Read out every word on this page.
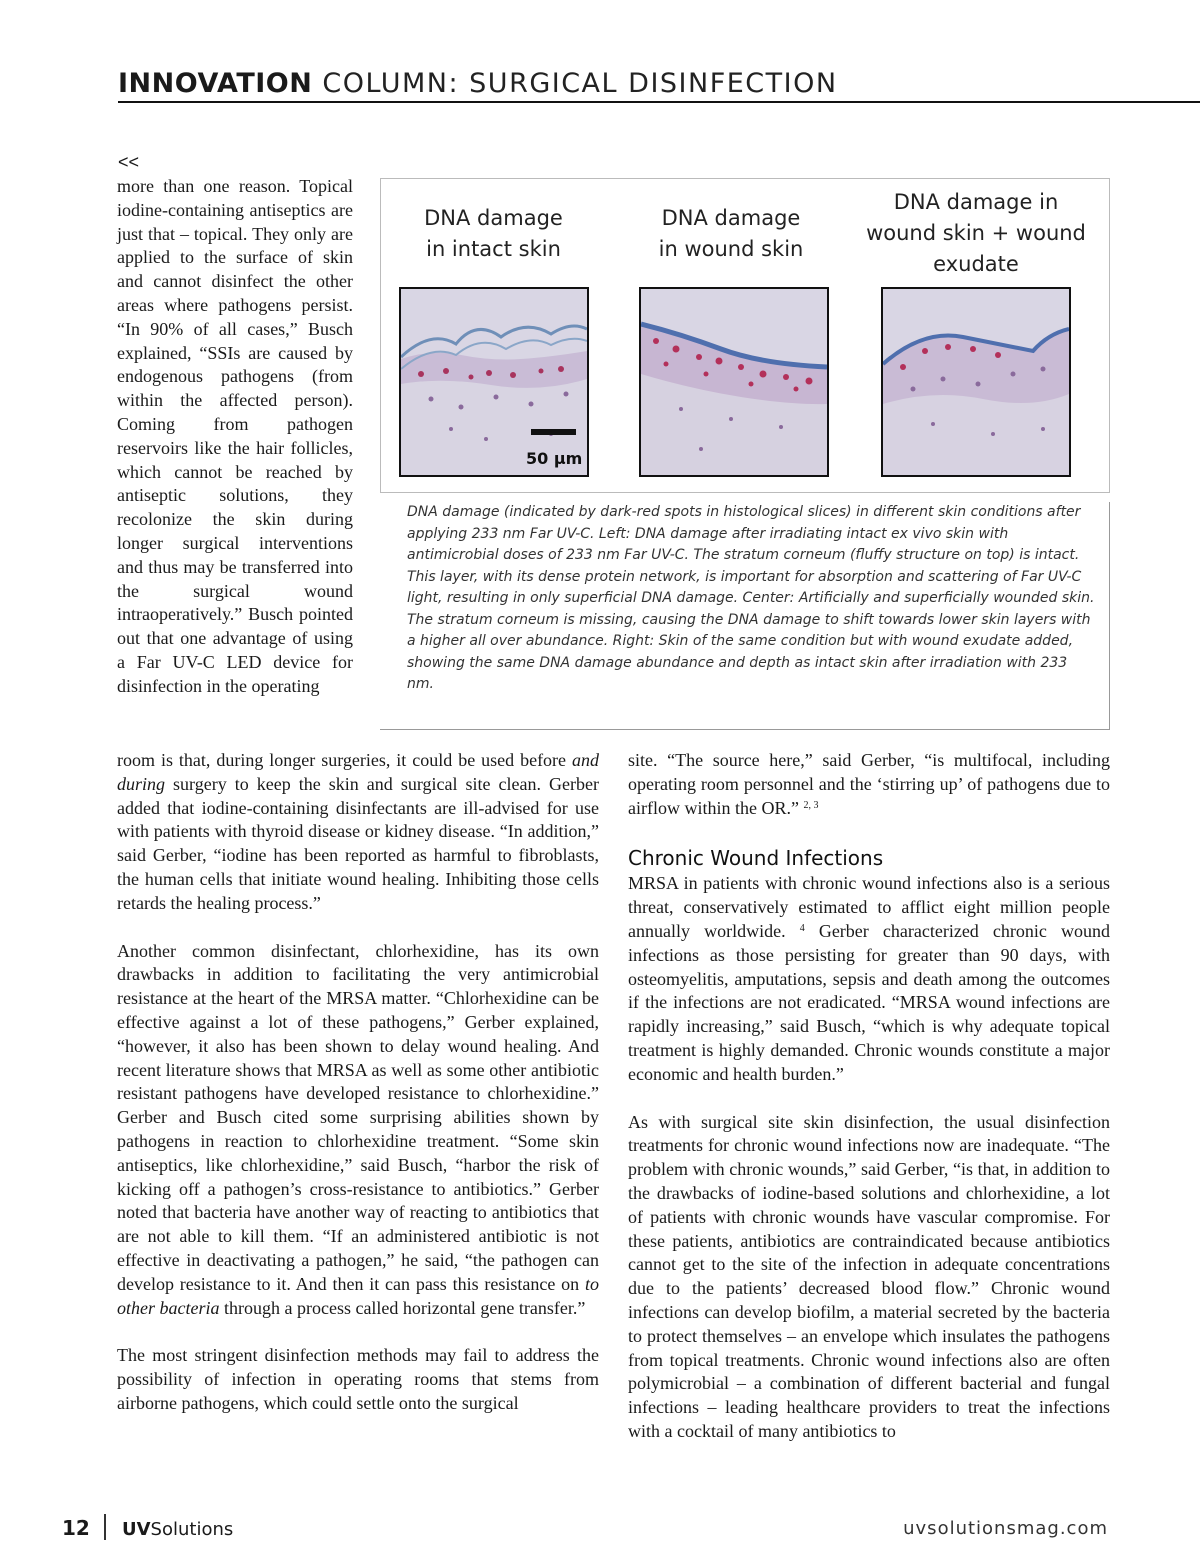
INNOVATION COLUMN: SURGICAL DISINFECTION
<<

more than one reason. Topical iodine-containing antiseptics are just that – topical. They only are applied to the surface of skin and cannot disinfect the other areas where pathogens persist. “In 90% of all cases,” Busch explained, “SSIs are caused by endogenous pathogens (from within the affected person). Coming from pathogen reservoirs like the hair follicles, which cannot be reached by antiseptic solutions, they recolonize the skin during longer surgical interventions and thus may be transferred into the surgical wound intraoperatively.” Busch pointed out that one advantage of using a Far UV-C LED device for disinfection in the operating

DNA damage
in intact skin
DNA damage
in wound skin
DNA damage in
wound skin + wound
exudate
50 µm
DNA damage (indicated by dark-red spots in histological slices) in different skin conditions after applying 233 nm Far UV-C. Left: DNA damage after irradiating intact ex vivo skin with antimicrobial doses of 233 nm Far UV-C. The stratum corneum (fluffy structure on top) is intact. This layer, with its dense protein network, is important for absorption and scattering of Far UV-C light, resulting in only superficial DNA damage. Center: Artificially and superficially wounded skin. The stratum corneum is missing, causing the DNA damage to shift towards lower skin layers with a higher all over abundance. Right: Skin of the same condition but with wound exudate added, showing the same DNA damage abundance and depth as intact skin after irradiation with 233 nm.

room is that, during longer surgeries, it could be used before and during surgery to keep the skin and surgical site clean. Gerber added that iodine-containing disinfectants are ill-advised for use with patients with thyroid disease or kidney disease. “In addition,” said Gerber, “iodine has been reported as harmful to fibroblasts, the human cells that initiate wound healing. Inhibiting those cells retards the healing process.”

Another common disinfectant, chlorhexidine, has its own drawbacks in addition to facilitating the very antimicrobial resistance at the heart of the MRSA matter. “Chlorhexidine can be effective against a lot of these pathogens,” Gerber explained, “however, it also has been shown to delay wound healing. And recent literature shows that MRSA as well as some other antibiotic resistant pathogens have developed resistance to chlorhexidine.” Gerber and Busch cited some surprising abilities shown by pathogens in reaction to chlorhexidine treatment. “Some skin antiseptics, like chlorhexidine,” said Busch, “harbor the risk of kicking off a pathogen’s cross-resistance to antibiotics.” Gerber noted that bacteria have another way of reacting to antibiotics that are not able to kill them. “If an administered antibiotic is not effective in deactivating a pathogen,” he said, “the pathogen can develop resistance to it. And then it can pass this resistance on to other bacteria through a process called horizontal gene transfer.”

The most stringent disinfection methods may fail to address the possibility of infection in operating rooms that stems from airborne pathogens, which could settle onto the surgical

site. “The source here,” said Gerber, “is multifocal, including operating room personnel and the ‘stirring up’ of pathogens due to airflow within the OR.” $^{2, 3}$

Chronic Wound Infections

MRSA in patients with chronic wound infections also is a serious threat, conservatively estimated to afflict eight million people annually worldwide. $^4$ Gerber characterized chronic wound infections as those persisting for greater than 90 days, with osteomyelitis, amputations, sepsis and death among the outcomes if the infections are not eradicated. “MRSA wound infections are rapidly increasing,” said Busch, “which is why adequate topical treatment is highly demanded. Chronic wounds constitute a major economic and health burden.”

As with surgical site skin disinfection, the usual disinfection treatments for chronic wound infections now are inadequate. “The problem with chronic wounds,” said Gerber, “is that, in addition to the drawbacks of iodine-based solutions and chlorhexidine, a lot of patients with chronic wounds have vascular compromise. For these patients, antibiotics are contraindicated because antibiotics cannot get to the site of the infection in adequate concentrations due to the patients’ decreased blood flow.” Chronic wound infections can develop biofilm, a material secreted by the bacteria to protect themselves – an envelope which insulates the pathogens from topical treatments. Chronic wound infections also are often polymicrobial – a combination of different bacterial and fungal infections – leading healthcare providers to treat the infections with a cocktail of many antibiotics to

12 UVSolutions	uvsolutionsmag.com
